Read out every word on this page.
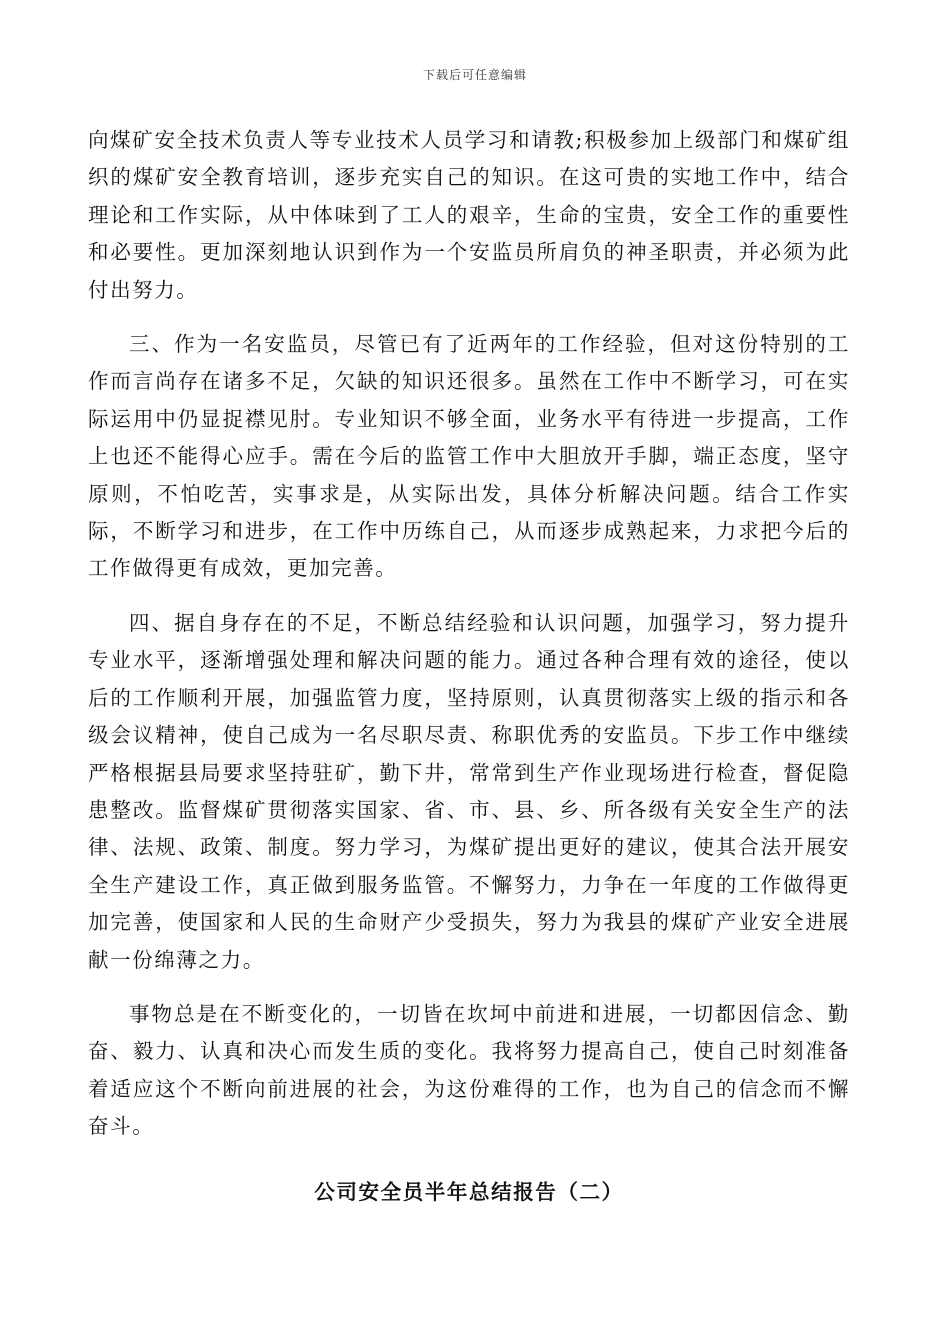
下载后可任意编辑

向煤矿安全技术负责人等专业技术人员学习和请教;积极参加上级部门和煤矿组织的煤矿安全教育培训，逐步充实自己的知识。在这可贵的实地工作中，结合理论和工作实际，从中体味到了工人的艰辛，生命的宝贵，安全工作的重要性和必要性。更加深刻地认识到作为一个安监员所肩负的神圣职责，并必须为此付出努力。

三、作为一名安监员，尽管已有了近两年的工作经验，但对这份特别的工作而言尚存在诸多不足，欠缺的知识还很多。虽然在工作中不断学习，可在实际运用中仍显捉襟见肘。专业知识不够全面，业务水平有待进一步提高，工作上也还不能得心应手。需在今后的监管工作中大胆放开手脚，端正态度，坚守原则，不怕吃苦，实事求是，从实际出发，具体分析解决问题。结合工作实际，不断学习和进步，在工作中历练自己，从而逐步成熟起来，力求把今后的工作做得更有成效，更加完善。

四、据自身存在的不足，不断总结经验和认识问题，加强学习，努力提升专业水平，逐渐增强处理和解决问题的能力。通过各种合理有效的途径，使以后的工作顺利开展，加强监管力度，坚持原则，认真贯彻落实上级的指示和各级会议精神，使自己成为一名尽职尽责、称职优秀的安监员。下步工作中继续严格根据县局要求坚持驻矿，勤下井，常常到生产作业现场进行检查，督促隐患整改。监督煤矿贯彻落实国家、省、市、县、乡、所各级有关安全生产的法律、法规、政策、制度。努力学习，为煤矿提出更好的建议，使其合法开展安全生产建设工作，真正做到服务监管。不懈努力，力争在一年度的工作做得更加完善，使国家和人民的生命财产少受损失，努力为我县的煤矿产业安全进展献一份绵薄之力。

事物总是在不断变化的，一切皆在坎坷中前进和进展，一切都因信念、勤奋、毅力、认真和决心而发生质的变化。我将努力提高自己，使自己时刻准备着适应这个不断向前进展的社会，为这份难得的工作，也为自己的信念而不懈奋斗。

公司安全员半年总结报告（二）
